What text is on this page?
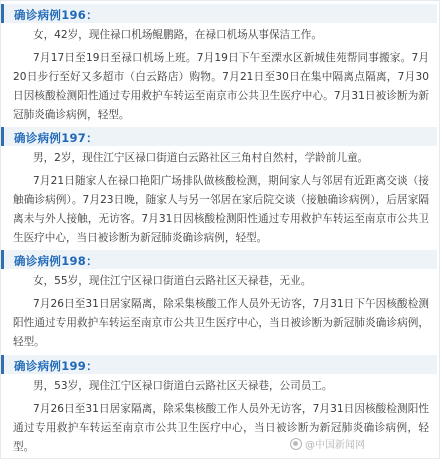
确诊病例196：

女，42岁，现住禄口机场鲲鹏路，在禄口机场从事保洁工作。

7月17日至19日至禄口机场上班。7月19日下午至溧水区新城佳苑帮同事搬家。7月20日步行至好又多超市（白云路店）购物。7月21日至30日在集中隔离点隔离，7月30日因核酸检测阳性通过专用救护车转运至南京市公共卫生医疗中心。7月31日被诊断为新冠肺炎确诊病例，轻型。

确诊病例197：

男，2岁，现住江宁区禄口街道白云路社区三角村自然村，学龄前儿童。

7月21日随家人在禄口艳阳广场排队做核酸检测，期间家人与邻居有近距离交谈（接触确诊病例）。7月23日晚，随家人与另一邻居在家后院交谈（接触确诊病例），后居家隔离未与外人接触，无访客。7月31日因核酸检测阳性通过专用救护车转运至南京市公共卫生医疗中心，当日被诊断为新冠肺炎确诊病例，轻型。

确诊病例198：

女，55岁，现住江宁区禄口街道白云路社区天禄巷，无业。

7月26日至31日居家隔离，除采集核酸工作人员外无访客，7月31日下午因核酸检测阳性通过专用救护车转运至南京市公共卫生医疗中心，当日被诊断为新冠肺炎确诊病例，轻型。

确诊病例199：

男，53岁，现住江宁区禄口街道白云路社区天禄巷，公司员工。

7月26日至31日居家隔离，除采集核酸工作人员外无访客，7月31日因核酸检测阳性通过专用救护车转运至南京市公共卫生医疗中心，当日被诊断为新冠肺炎确诊病例，轻型。	@中国新闻网
